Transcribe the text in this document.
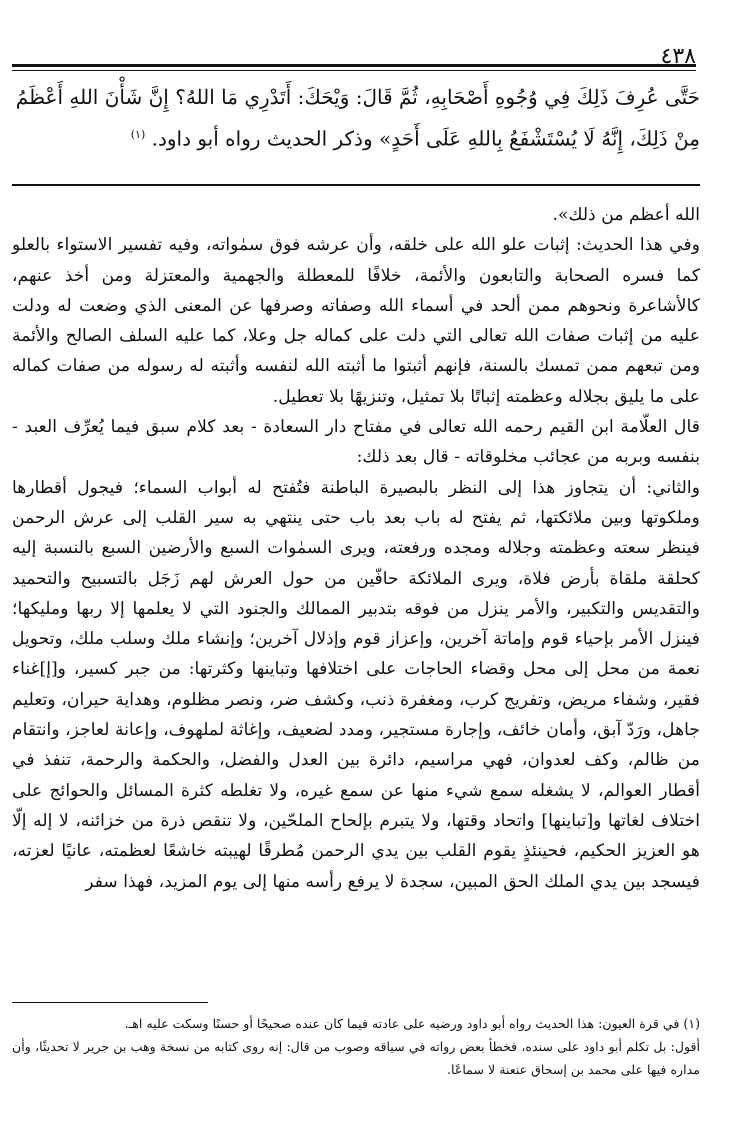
٤٣٨
حَتَّى عُرِفَ ذَلِكَ فِي وُجُوهِ أَصْحَابِهِ، ثُمَّ قَالَ: وَيْحَكَ: أَتَدْرِي مَا اللهُ؟ إِنَّ شَأْنَ اللهِ أَعْظَمُ
مِنْ ذَلِكَ، إِنَّهُ لَا يُسْتَشْفَعُ بِاللهِ عَلَى أَحَدٍ» وذكر الحديث رواه أبو داود. $^{(١)}$

الله أعظم من ذلك».

وفي هذا الحديث: إثبات علو الله على خلقه، وأن عرشه فوق سمٰواته، وفيه تفسير الاستواء بالعلو كما فسره الصحابة والتابعون والأئمة، خلافًا للمعطلة والجهمية والمعتزلة ومن أخذ عنهم، كالأشاعرة ونحوهم ممن ألحد في أسماء الله وصفاته وصرفها عن المعنى الذي وضعت له ودلت عليه من إثبات صفات الله تعالى التي دلت على كماله جل وعلا، كما عليه السلف الصالح والأئمة ومن تبعهم ممن تمسك بالسنة، فإنهم أثبتوا ما أثبته الله لنفسه وأثبته له رسوله من صفات كماله على ما يليق بجلاله وعظمته إثباتًا بلا تمثيل، وتنزيهًا بلا تعطيل.

قال العلّامة ابن القيم رحمه الله تعالى في مفتاح دار السعادة - بعد كلام سبق فيما يُعرِّف العبد - بنفسه وبربه من عجائب مخلوقاته - قال بعد ذلك:

والثاني: أن يتجاوز هذا إلى النظر بالبصيرة الباطنة فتُفتح له أبواب السماء؛ فيجول أقطارها وملكوتها وبين ملائكتها، ثم يفتح له باب بعد باب حتى ينتهي به سير القلب إلى عرش الرحمن فينظر سعته وعظمته وجلاله ومجده ورفعته، ويرى السمٰوات السبع والأرضين السبع بالنسبة إليه كحلقة ملقاة بأرض فلاة، ويرى الملائكة حافّين من حول العرش لهم زَجَل بالتسبيح والتحميد والتقديس والتكبير، والأمر ينزل من فوقه بتدبير الممالك والجنود التي لا يعلمها إلا ربها ومليكها؛ فينزل الأمر بإحياء قوم وإماتة آخرين، وإعزاز قوم وإذلال آخرين؛ وإنشاء ملك وسلب ملك، وتحويل نعمة من محل إلى محل وقضاء الحاجات على اختلافها وتباينها وكثرتها: من جبر كسير، و[إ]غناء فقير، وشفاء مريض، وتفريج كرب، ومغفرة ذنب، وكشف ضر، ونصر مظلوم، وهداية حيران، وتعليم جاهل، ورَدّ آبق، وأمان خائف، وإجارة مستجير، ومدد لضعيف، وإغاثة لملهوف، وإعانة لعاجز، وانتقام من ظالم، وكف لعدوان، فهي مراسيم، دائرة بين العدل والفضل، والحكمة والرحمة، تنفذ في أقطار العوالم، لا يشغله سمع شيء منها عن سمع غيره، ولا تغلطه كثرة المسائل والحوائج على اختلاف لغاتها و[تباينها] واتحاد وقتها، ولا يتبرم بإلحاح الملحّين، ولا تنقص ذرة من خزائنه، لا إله إلّا هو العزيز الحكيم، فحينئذٍ يقوم القلب بين يدي الرحمن مُطرقًا لهيبته خاشعًا لعظمته، عانيًا لعزته، فيسجد بين يدي الملك الحق المبين، سجدة لا يرفع رأسه منها إلى يوم المزيد، فهذا سفر

(١) في قرة العيون: هذا الحديث رواه أبو داود ورضيه على عادته فيما كان عنده صحيحًا أو حسنًا وسكت عليه اهـ.

أقول: بل تكلم أبو داود على سنده، فخطأ بعض رواته في سياقه وصوب من قال: إنه روى كتابه من نسخة وهب بن جرير لا تحديثًا، وأن مداره فيها على محمد بن إسحاق عنعنة لا سماعًا.
